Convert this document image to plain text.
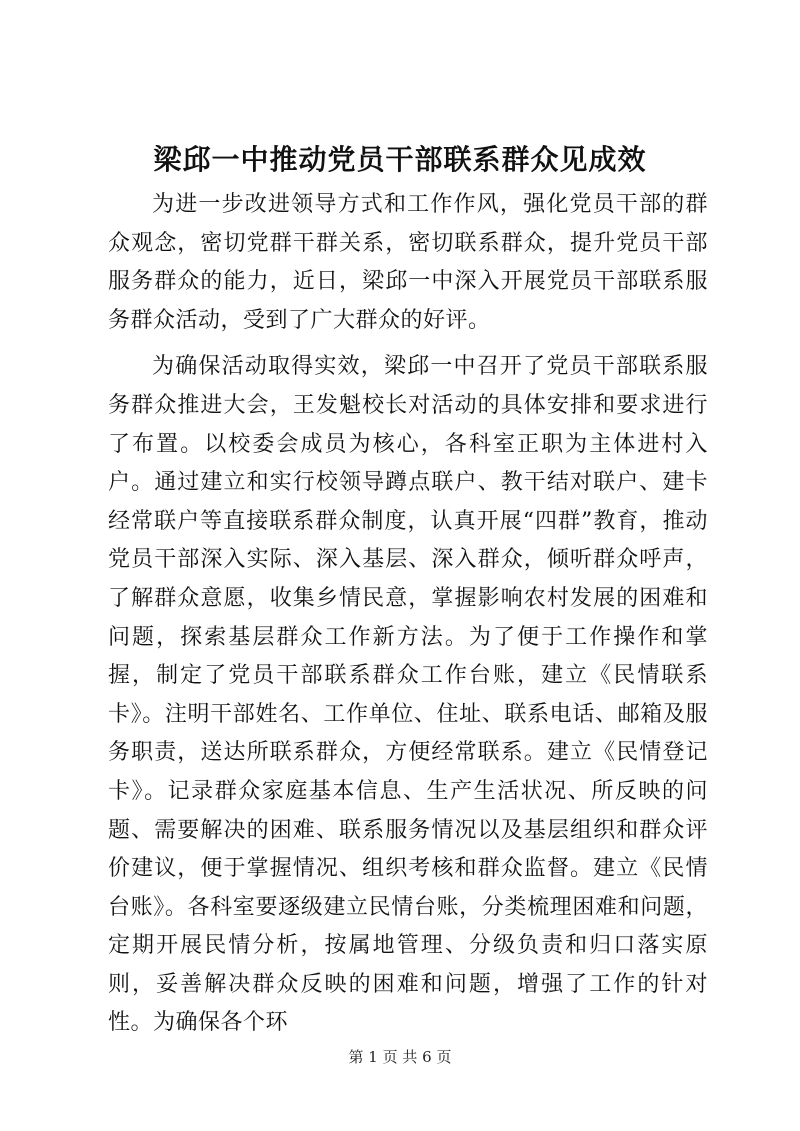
梁邱一中推动党员干部联系群众见成效

为进一步改进领导方式和工作作风，强化党员干部的群众观念，密切党群干群关系，密切联系群众，提升党员干部服务群众的能力，近日，梁邱一中深入开展党员干部联系服务群众活动，受到了广大群众的好评。

为确保活动取得实效，梁邱一中召开了党员干部联系服务群众推进大会，王发魁校长对活动的具体安排和要求进行了布置。以校委会成员为核心，各科室正职为主体进村入户。通过建立和实行校领导蹲点联户、教干结对联户、建卡经常联户等直接联系群众制度，认真开展“四群”教育，推动党员干部深入实际、深入基层、深入群众，倾听群众呼声，了解群众意愿，收集乡情民意，掌握影响农村发展的困难和问题，探索基层群众工作新方法。为了便于工作操作和掌握，制定了党员干部联系群众工作台账，建立《民情联系卡》。注明干部姓名、工作单位、住址、联系电话、邮箱及服务职责，送达所联系群众，方便经常联系。建立《民情登记卡》。记录群众家庭基本信息、生产生活状况、所反映的问题、需要解决的困难、联系服务情况以及基层组织和群众评价建议，便于掌握情况、组织考核和群众监督。建立《民情台账》。各科室要逐级建立民情台账，分类梳理困难和问题，定期开展民情分析，按属地管理、分级负责和归口落实原则，妥善解决群众反映的困难和问题，增强了工作的针对性。为确保各个环

第 1 页 共 6 页
